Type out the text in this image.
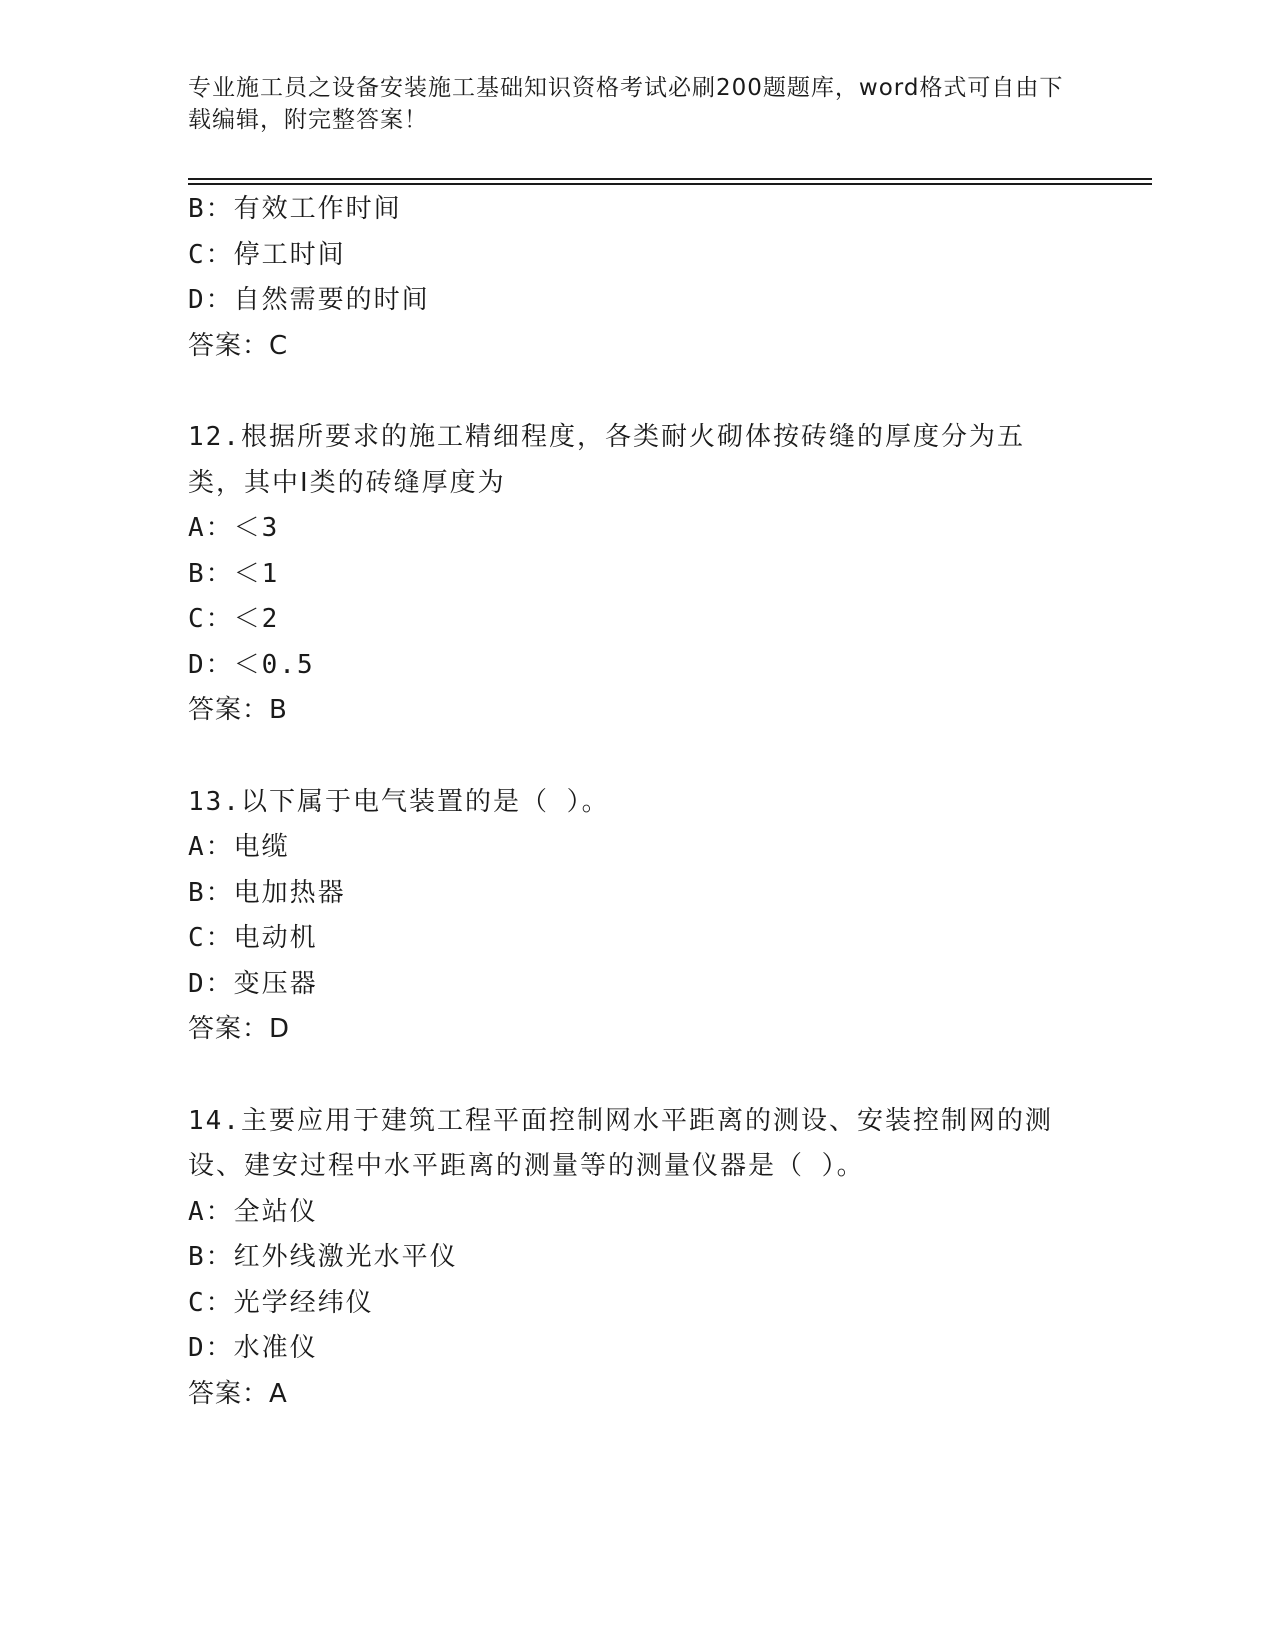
专业施工员之设备安装施工基础知识资格考试必刷200题题库，word格式可自由下载编辑，附完整答案！
B：有效工作时间
C：停工时间
D：自然需要的时间
答案：C
12.根据所要求的施工精细程度，各类耐火砌体按砖缝的厚度分为五类，其中Ⅰ类的砖缝厚度为
A：＜3
B：＜1
C：＜2
D：＜0.5
答案：B
13.以下属于电气装置的是（ ）。
A：电缆
B：电加热器
C：电动机
D：变压器
答案：D
14.主要应用于建筑工程平面控制网水平距离的测设、安装控制网的测设、建安过程中水平距离的测量等的测量仪器是（ ）。
A：全站仪
B：红外线激光水平仪
C：光学经纬仪
D：水准仪
答案：A
